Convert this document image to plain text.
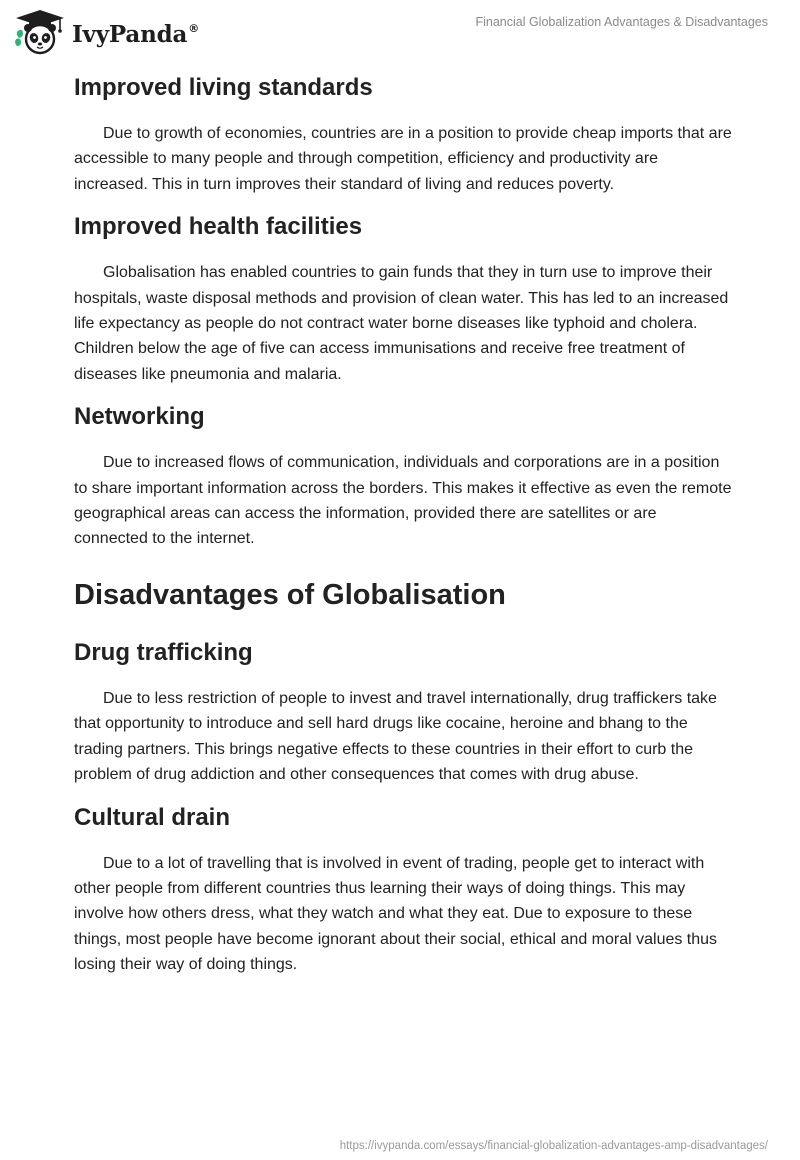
IvyPanda®	Financial Globalization Advantages & Disadvantages
Improved living standards

Due to growth of economies, countries are in a position to provide cheap imports that are accessible to many people and through competition, efficiency and productivity are increased. This in turn improves their standard of living and reduces poverty.

Improved health facilities

Globalisation has enabled countries to gain funds that they in turn use to improve their hospitals, waste disposal methods and provision of clean water. This has led to an increased life expectancy as people do not contract water borne diseases like typhoid and cholera. Children below the age of five can access immunisations and receive free treatment of diseases like pneumonia and malaria.

Networking

Due to increased flows of communication, individuals and corporations are in a position to share important information across the borders. This makes it effective as even the remote geographical areas can access the information, provided there are satellites or are connected to the internet.

Disadvantages of Globalisation
Drug trafficking

Due to less restriction of people to invest and travel internationally, drug traffickers take that opportunity to introduce and sell hard drugs like cocaine, heroine and bhang to the trading partners. This brings negative effects to these countries in their effort to curb the problem of drug addiction and other consequences that comes with drug abuse.

Cultural drain

Due to a lot of travelling that is involved in event of trading, people get to interact with other people from different countries thus learning their ways of doing things. This may involve how others dress, what they watch and what they eat. Due to exposure to these things, most people have become ignorant about their social, ethical and moral values thus losing their way of doing things.

https://ivypanda.com/essays/financial-globalization-advantages-amp-disadvantages/
